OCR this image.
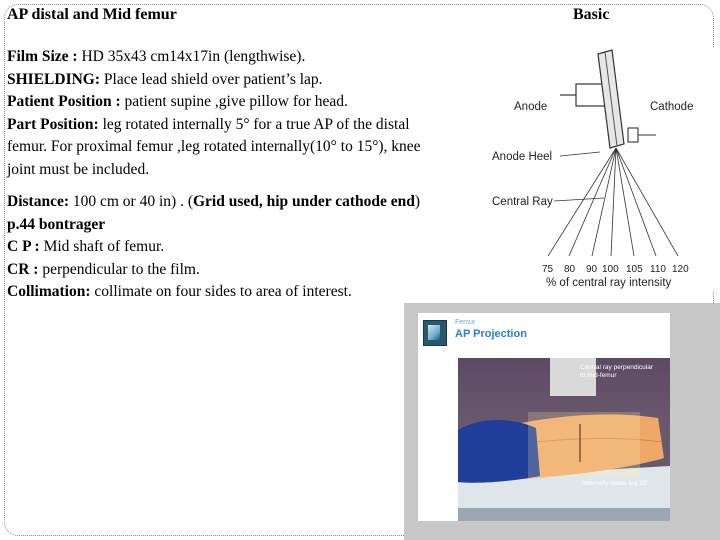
AP distal and Mid femur	Basic

Film Size : HD 35x43 cm14x17in (lengthwise).

SHIELDING: Place lead shield over patient’s lap.

Patient Position : patient supine ,give pillow for head.

Part Position: leg rotated internally 5° for a true AP of the distal femur. For proximal femur ,leg rotated internally(10° to 15°), knee joint must be included.

Distance: 100 cm or 40 in) . (Grid used, hip under cathode end)

p.44 bontrager

C P : Mid shaft of femur.

CR : perpendicular to the film.

Collimation: collimate on four sides to area of interest.

Anode	Cathode
Anode Heel
Central Ray
75 80 90 100 105 110 120
% of central ray intensity
Femur
AP Projection
Central ray perpendicular to mid-femur
Internally rotate leg 15°
